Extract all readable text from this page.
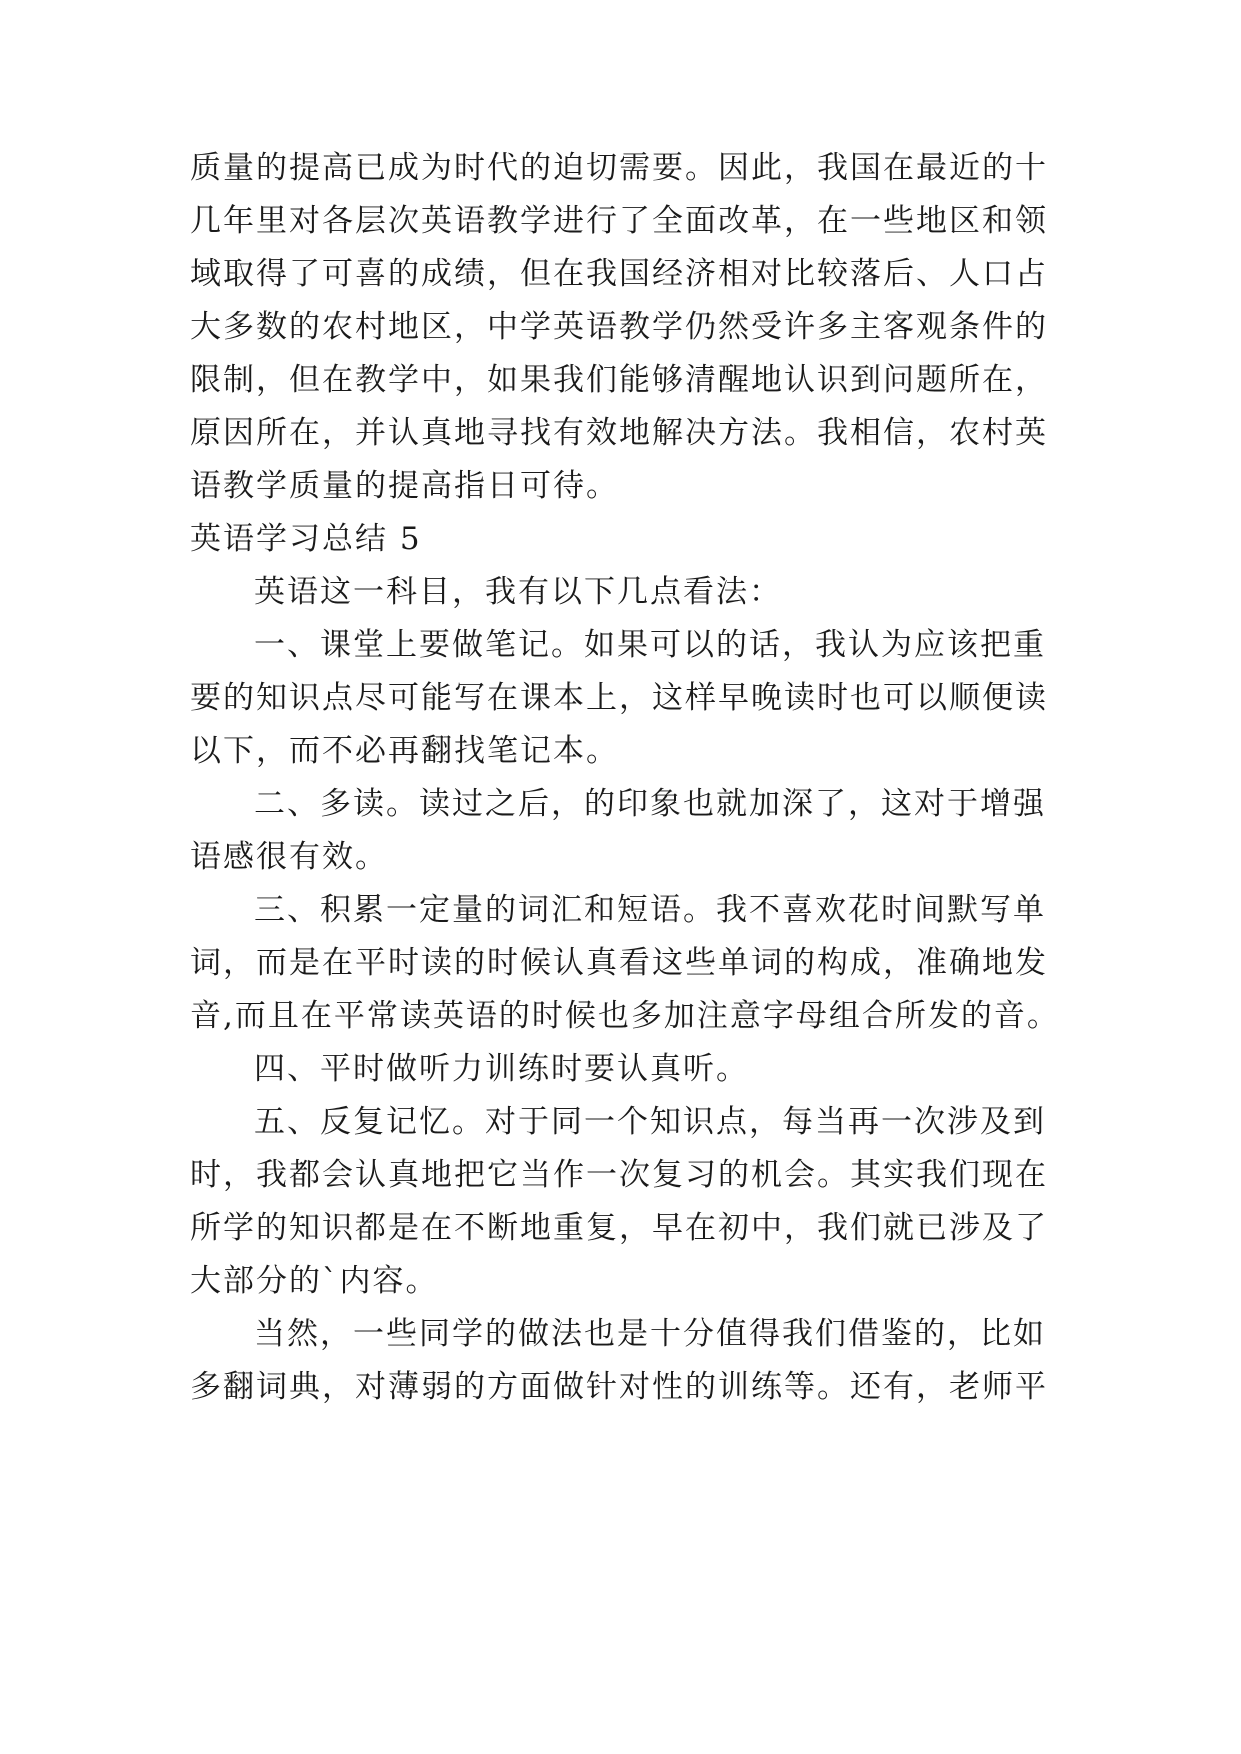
质量的提高已成为时代的迫切需要。因此，我国在最近的十
几年里对各层次英语教学进行了全面改革，在一些地区和领
域取得了可喜的成绩，但在我国经济相对比较落后、人口占
大多数的农村地区，中学英语教学仍然受许多主客观条件的
限制，但在教学中，如果我们能够清醒地认识到问题所在，
原因所在，并认真地寻找有效地解决方法。我相信，农村英
语教学质量的提高指日可待。
英语学习总结 5
英语这一科目，我有以下几点看法：
一、课堂上要做笔记。如果可以的话，我认为应该把重
要的知识点尽可能写在课本上，这样早晚读时也可以顺便读
以下，而不必再翻找笔记本。
二、多读。读过之后，的印象也就加深了，这对于增强
语感很有效。
三、积累一定量的词汇和短语。我不喜欢花时间默写单
词，而是在平时读的时候认真看这些单词的构成，准确地发
音,而且在平常读英语的时候也多加注意字母组合所发的音。
四、平时做听力训练时要认真听。
五、反复记忆。对于同一个知识点，每当再一次涉及到
时，我都会认真地把它当作一次复习的机会。其实我们现在
所学的知识都是在不断地重复，早在初中，我们就已涉及了
大部分的`内容。
当然，一些同学的做法也是十分值得我们借鉴的，比如
多翻词典，对薄弱的方面做针对性的训练等。还有，老师平
